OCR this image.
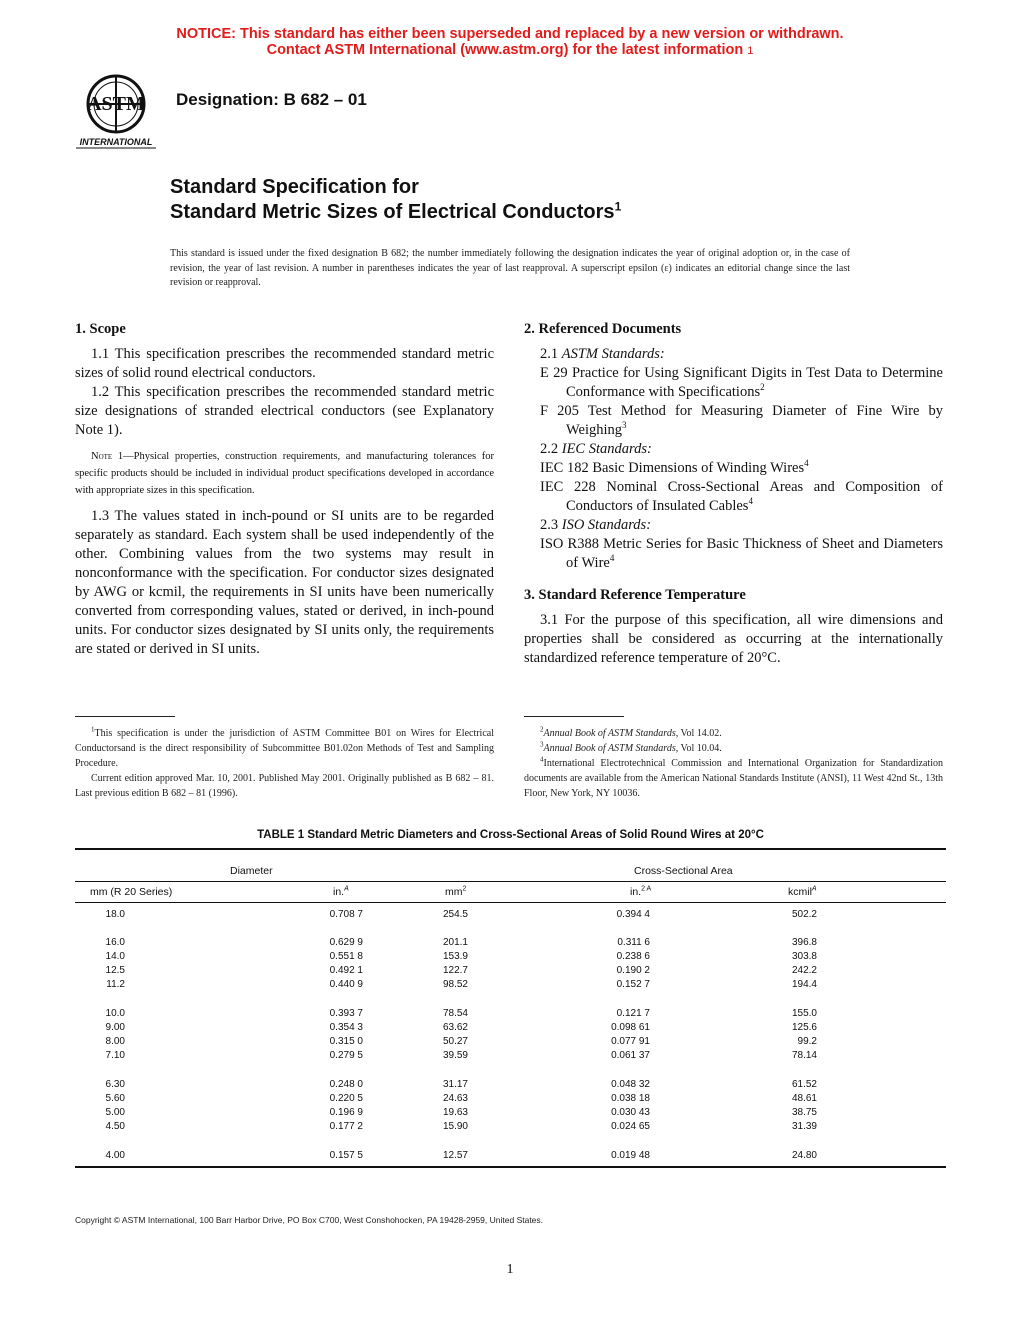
NOTICE: This standard has either been superseded and replaced by a new version or withdrawn.
Contact ASTM International (www.astm.org) for the latest information 1
ASTM
INTERNATIONAL
Designation: B 682 – 01
Standard Specification for
Standard Metric Sizes of Electrical Conductors$^1$
This standard is issued under the fixed designation B 682; the number immediately following the designation indicates the year of original adoption or, in the case of revision, the year of last revision. A number in parentheses indicates the year of last reapproval. A superscript epsilon (ε) indicates an editorial change since the last revision or reapproval.
1. Scope

1.1 This specification prescribes the recommended standard metric sizes of solid round electrical conductors.

1.2 This specification prescribes the recommended standard metric size designations of stranded electrical conductors (see Explanatory Note 1).

Note 1—Physical properties, construction requirements, and manufacturing tolerances for specific products should be included in individual product specifications developed in accordance with appropriate sizes in this specification.

1.3 The values stated in inch-pound or SI units are to be regarded separately as standard. Each system shall be used independently of the other. Combining values from the two systems may result in nonconformance with the specification. For conductor sizes designated by AWG or kcmil, the requirements in SI units have been numerically converted from corresponding values, stated or derived, in inch-pound units. For conductor sizes designated by SI units only, the requirements are stated or derived in SI units.

2. Referenced Documents

2.1 ASTM Standards:

E 29 Practice for Using Significant Digits in Test Data to Determine Conformance with Specifications$^2$

F 205 Test Method for Measuring Diameter of Fine Wire by Weighing$^3$

2.2 IEC Standards:

IEC 182 Basic Dimensions of Winding Wires$^4$

IEC 228 Nominal Cross-Sectional Areas and Composition of Conductors of Insulated Cables$^4$

2.3 ISO Standards:

ISO R388 Metric Series for Basic Thickness of Sheet and Diameters of Wire$^4$

3. Standard Reference Temperature

3.1 For the purpose of this specification, all wire dimensions and properties shall be considered as occurring at the internationally standardized reference temperature of 20°C.

$^1$This specification is under the jurisdiction of ASTM Committee B01 on Wires for Electrical Conductorsand is the direct responsibility of Subcommittee B01.02on Methods of Test and Sampling Procedure.

Current edition approved Mar. 10, 2001. Published May 2001. Originally published as B 682 – 81. Last previous edition B 682 – 81 (1996).

$^2$Annual Book of ASTM Standards, Vol 14.02.

$^3$Annual Book of ASTM Standards, Vol 10.04.

$^4$International Electrotechnical Commission and International Organization for Standardization documents are available from the American National Standards Institute (ANSI), 11 West 42nd St., 13th Floor, New York, NY 10036.

TABLE 1 Standard Metric Diameters and Cross-Sectional Areas of Solid Round Wires at 20°C
Diameter	Cross-Sectional Area
mm (R 20 Series)	in.$^A$	$mm^2$	in.$^{2 A}$	kcmil$^A$
18.0	0.708 7	254.5	0.394 4	502.2
16.0	0.629 9	201.1	0.311 6	396.8
14.0	0.551 8	153.9	0.238 6	303.8
12.5	0.492 1	122.7	0.190 2	242.2
11.2	0.440 9	98.52	0.152 7	194.4
10.0	0.393 7	78.54	0.121 7	155.0
9.00	0.354 3	63.62	0.098 61	125.6
8.00	0.315 0	50.27	0.077 91	99.2
7.10	0.279 5	39.59	0.061 37	78.14
6.30	0.248 0	31.17	0.048 32	61.52
5.60	0.220 5	24.63	0.038 18	48.61
5.00	0.196 9	19.63	0.030 43	38.75
4.50	0.177 2	15.90	0.024 65	31.39
4.00	0.157 5	12.57	0.019 48	24.80
Copyright © ASTM International, 100 Barr Harbor Drive, PO Box C700, West Conshohocken, PA 19428-2959, United States.
1
